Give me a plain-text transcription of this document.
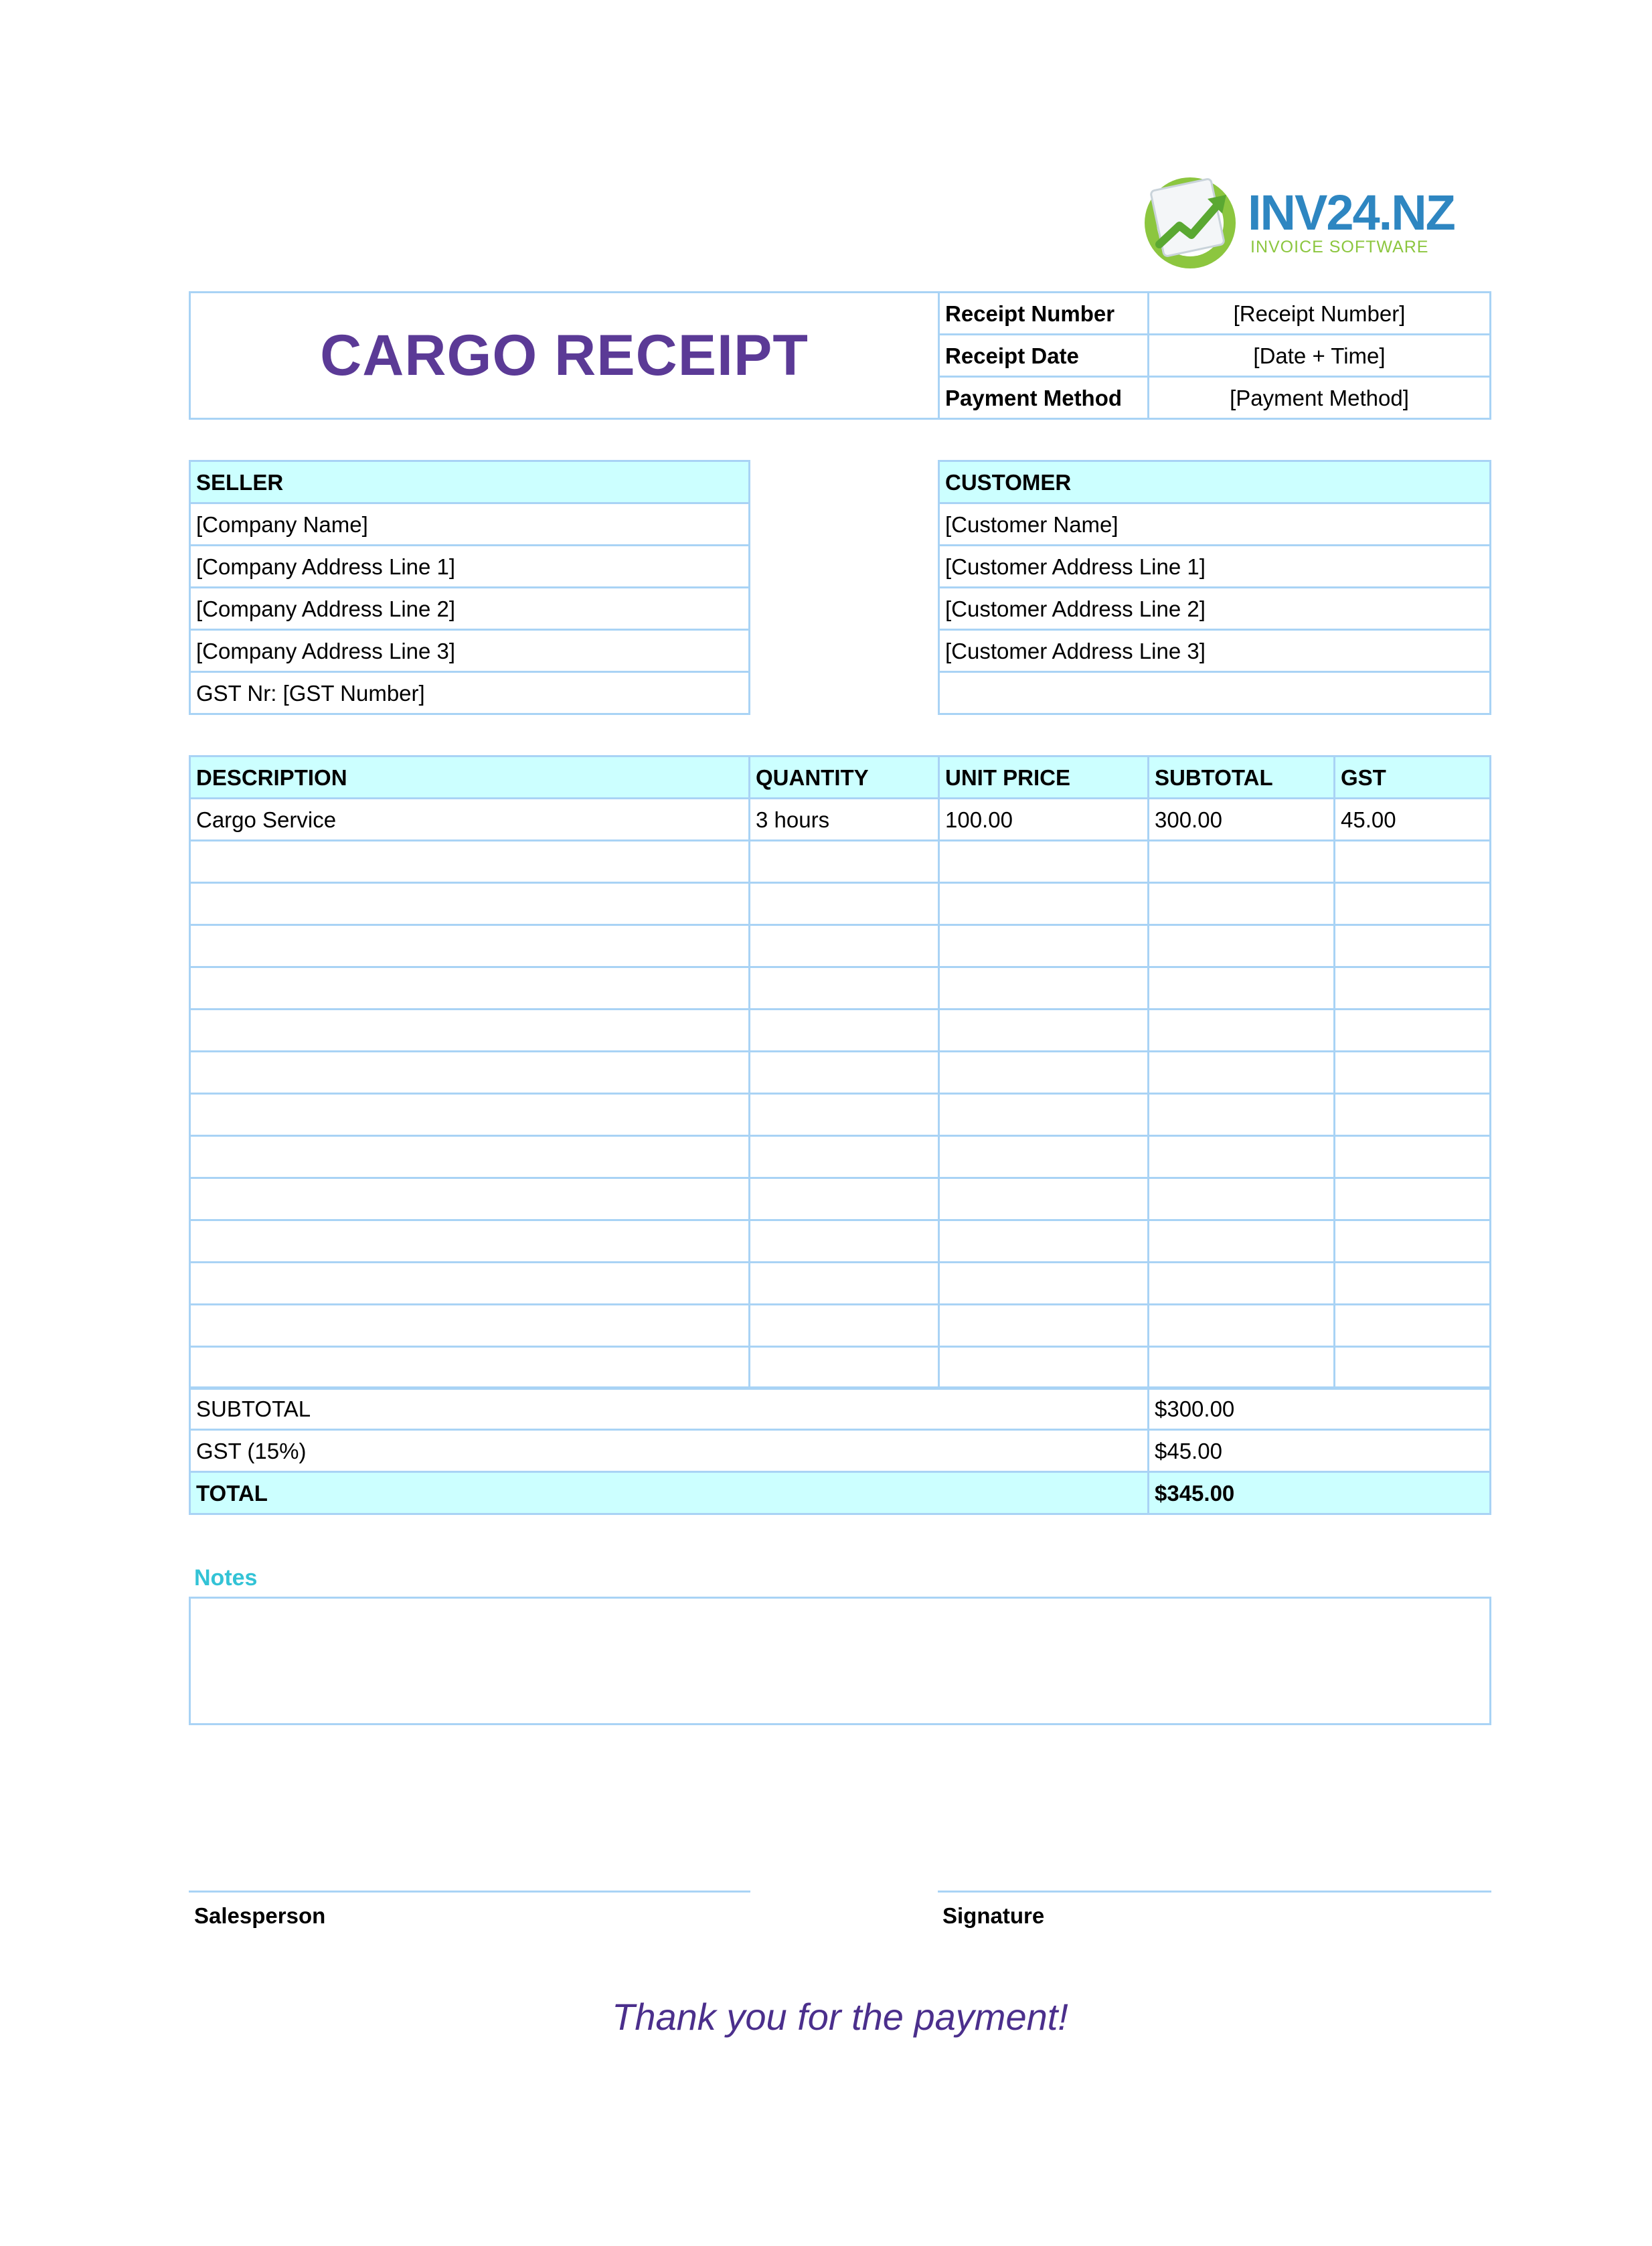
INV24.NZ
INVOICE SOFTWARE
CARGO RECEIPT
Receipt Number	[Receipt Number]
Receipt Date	[Date + Time]
Payment Method	[Payment Method]
SELLER
[Company Name]
[Company Address Line 1]
[Company Address Line 2]
[Company Address Line 3]
GST Nr: [GST Number]
CUSTOMER
[Customer Name]
[Customer Address Line 1]
[Customer Address Line 2]
[Customer Address Line 3]
DESCRIPTION	QUANTITY	UNIT PRICE	SUBTOTAL	GST
Cargo Service	3 hours	100.00	300.00	45.00
SUBTOTAL	$300.00
GST (15%)	$45.00
TOTAL	$345.00
Notes
Salesperson	Signature
Thank you for the payment!
